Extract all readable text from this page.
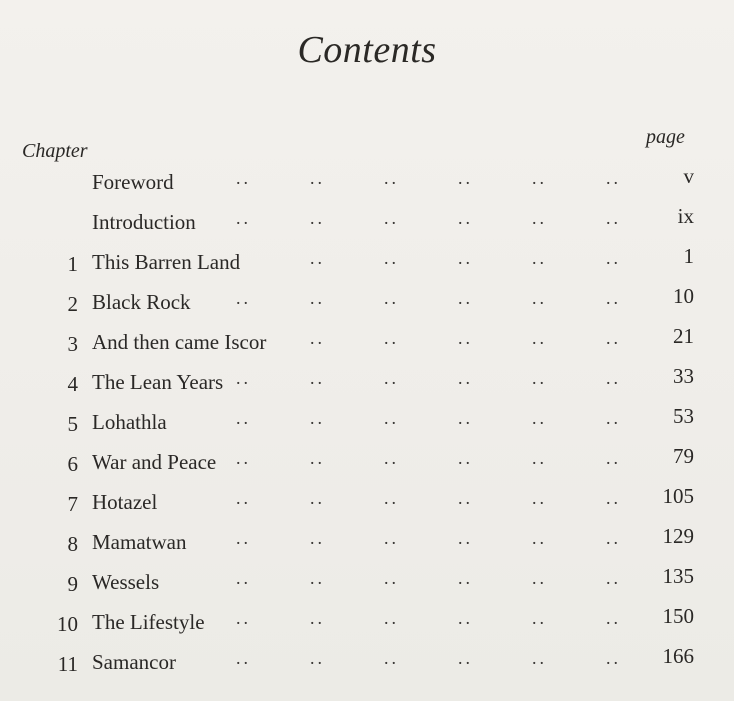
Contents
Chapter
page
Foreword	v
..	..	..	..	..	..
Introduction	ix
..	..	..	..	..	..
1 This Barren Land	1
..	..	..	..	..
2 Black Rock	10
..	..	..	..	..	..
3 And then came Iscor	21
..	..	..	..	..
4 The Lean Years	33
..	..	..	..	..	..
5 Lohathla	53
..	..	..	..	..	..
6 War and Peace	79
..	..	..	..	..	..
7 Hotazel	105
..	..	..	..	..	..
8 Mamatwan	129
..	..	..	..	..	..
9 Wessels	135
..	..	..	..	..	..
10 The Lifestyle	150
..	..	..	..	..	..
11 Samancor	166
..	..	..	..	..	..
